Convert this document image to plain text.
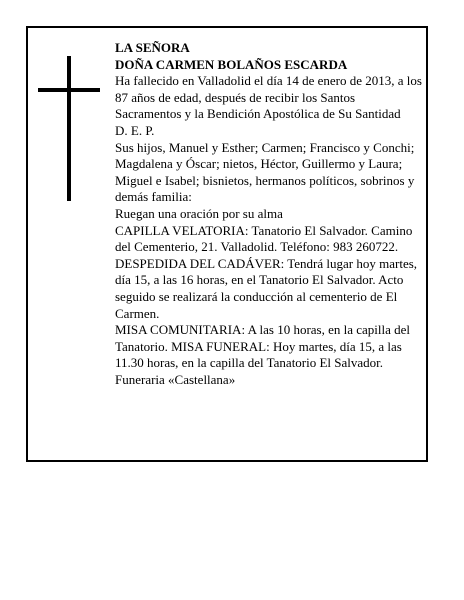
LA SEÑORA

DOÑA CARMEN BOLAÑOS ESCARDA

Ha fallecido en Valladolid el día 14 de enero de 2013, a los 87 años de edad, después de recibir los Santos Sacramentos y la Bendición Apostólica de Su Santidad

D. E. P.

Sus hijos, Manuel y Esther; Carmen; Francisco y Conchi; Magdalena y Óscar; nietos, Héctor, Guillermo y Laura; Miguel e Isabel; bisnietos, hermanos políticos, sobrinos y demás familia:

Ruegan una oración por su alma

CAPILLA VELATORIA: Tanatorio El Salvador. Camino del Cementerio, 21. Valladolid. Teléfono: 983 260722.

DESPEDIDA DEL CADÁVER: Tendrá lugar hoy martes, día 15, a las 16 horas, en el Tanatorio El Salvador. Acto seguido se realizará la conducción al cementerio de El Carmen.

MISA COMUNITARIA: A las 10 horas, en la capilla del Tanatorio. MISA FUNERAL: Hoy martes, día 15, a las 11.30 horas, en la capilla del Tanatorio El Salvador.

Funeraria «Castellana»
